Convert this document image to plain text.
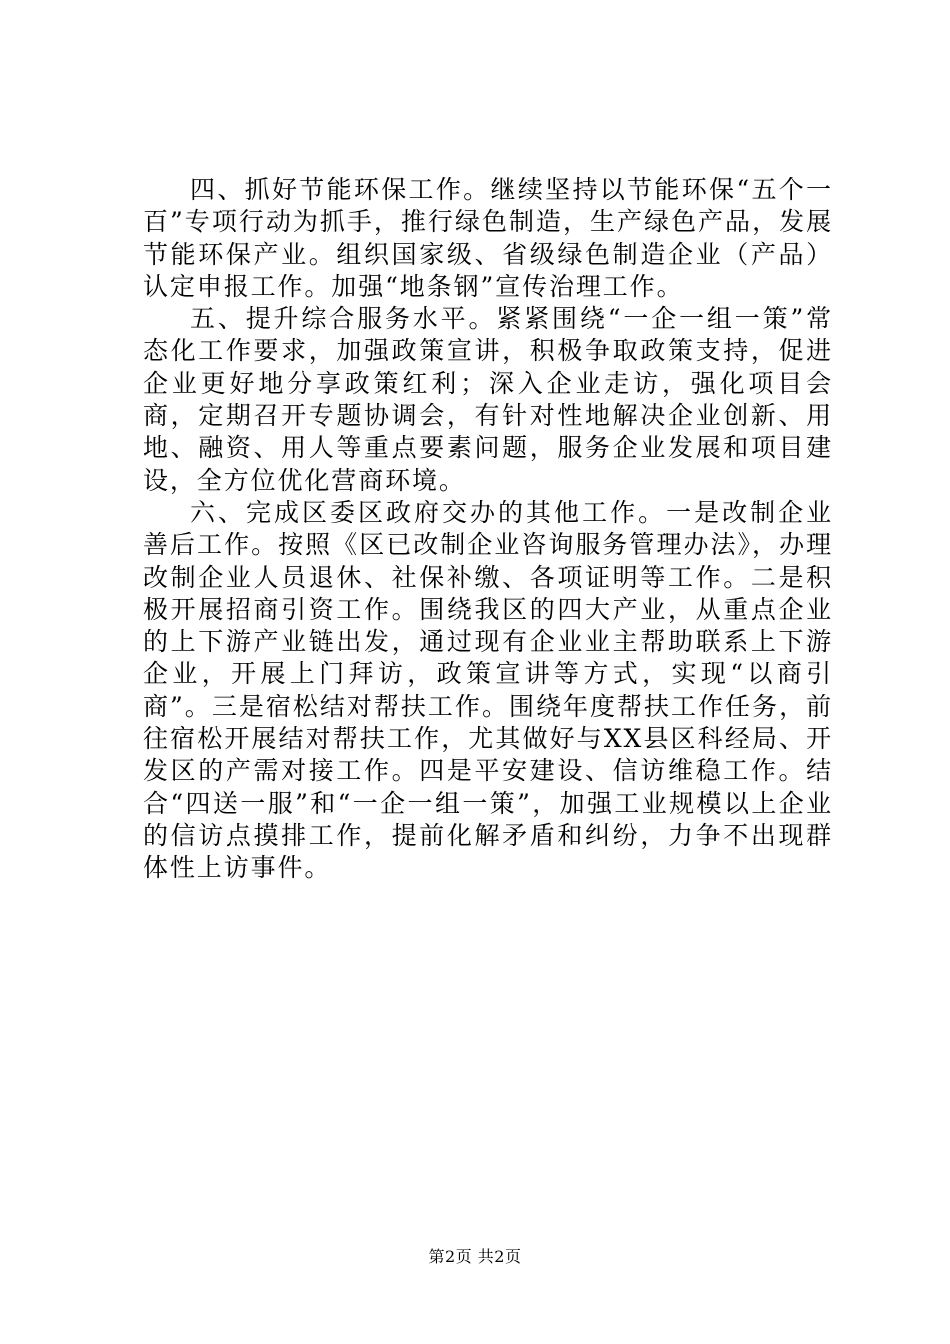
四、抓好节能环保工作。继续坚持以节能环保“五个一百”专项行动为抓手，推行绿色制造，生产绿色产品，发展节能环保产业。组织国家级、省级绿色制造企业（产品）认定申报工作。加强“地条钢”宣传治理工作。

五、提升综合服务水平。紧紧围绕“一企一组一策”常态化工作要求，加强政策宣讲，积极争取政策支持，促进企业更好地分享政策红利；深入企业走访，强化项目会商，定期召开专题协调会，有针对性地解决企业创新、用地、融资、用人等重点要素问题，服务企业发展和项目建设，全方位优化营商环境。

六、完成区委区政府交办的其他工作。一是改制企业善后工作。按照《区已改制企业咨询服务管理办法》，办理改制企业人员退休、社保补缴、各项证明等工作。二是积极开展招商引资工作。围绕我区的四大产业，从重点企业的上下游产业链出发，通过现有企业业主帮助联系上下游企业，开展上门拜访，政策宣讲等方式，实现“以商引商”。三是宿松结对帮扶工作。围绕年度帮扶工作任务，前往宿松开展结对帮扶工作，尤其做好与XX县区科经局、开发区的产需对接工作。四是平安建设、信访维稳工作。结合“四送一服”和“一企一组一策”，加强工业规模以上企业的信访点摸排工作，提前化解矛盾和纠纷，力争不出现群体性上访事件。

第2页 共2页
